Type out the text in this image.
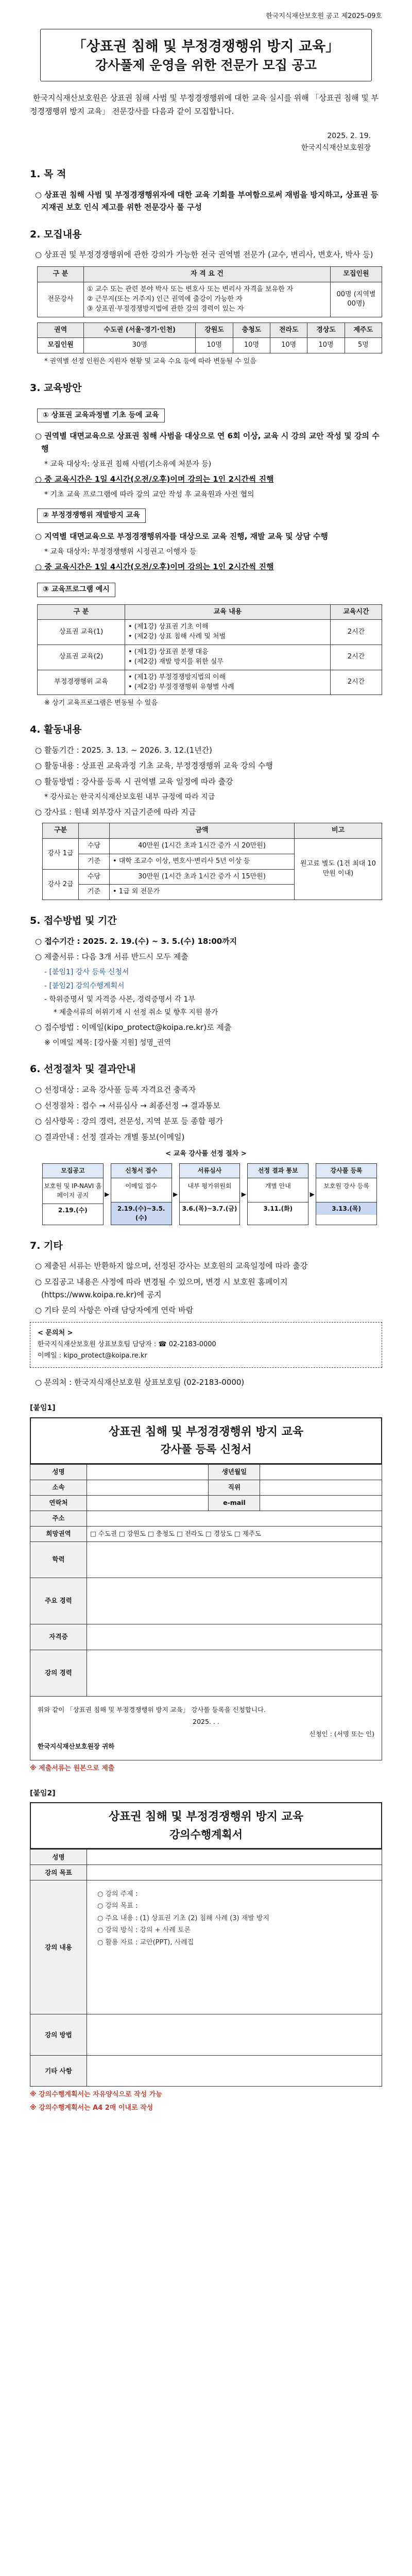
한국지식재산보호원 공고 제2025-09호
「상표권 침해 및 부정경쟁행위 방지 교육」
강사풀제 운영을 위한 전문가 모집 공고

한국지식재산보호원은 상표권 침해 사범 및 부정경쟁행위에 대한 교육 실시를 위해 「상표권 침해 및 부정경쟁행위 방지 교육」 전문강사를 다음과 같이 모집합니다.

2025. 2. 19.
한국지식재산보호원장
1. 목 적

○ 상표권 침해 사범 및 부정경쟁행위자에 대한 교육 기회를 부여함으로써 재범을 방지하고, 상표권 등 지재권 보호 인식 제고를 위한 전문강사 풀 구성

2. 모집내용

○ 상표권 및 부정경쟁행위에 관한 강의가 가능한 전국 권역별 전문가 (교수, 변리사, 변호사, 박사 등)

구 분	자 격 요 건	모집인원
전문강사	① 교수 또는 관련 분야 박사 또는 변호사 또는 변리사 자격을 보유한 자
② 근무지(또는 거주지) 인근 권역에 출강이 가능한 자
③ 상표권·부정경쟁방지법에 관한 강의 경력이 있는 자	00명 (지역별 00명)
권역	수도권 (서울·경기·인천)	강원도	충청도	전라도	경상도	제주도
모집인원	30명	10명	10명	10명	10명	5명

* 권역별 선정 인원은 지원자 현황 및 교육 수요 등에 따라 변동될 수 있음

3. 교육방안
① 상표권 교육과정별 기초 등에 교육

○ 권역별 대면교육으로 상표권 침해 사범을 대상으로 연 6회 이상, 교육 시 강의 교안 작성 및 강의 수행

* 교육 대상자: 상표권 침해 사범(기소유예 처분자 등)

○ 중 교육시간은 1일 4시간(오전/오후)이며 강의는 1인 2시간씩 진행

* 기초 교육 프로그램에 따라 강의 교안 작성 후 교육원과 사전 협의

② 부정경쟁행위 재발방지 교육

○ 지역별 대면교육으로 부정경쟁행위자를 대상으로 교육 진행, 재발 교육 및 상담 수행

* 교육 대상자: 부정경쟁행위 시정권고 이행자 등

○ 중 교육시간은 1일 4시간(오전/오후)이며 강의는 1인 2시간씩 진행

③ 교육프로그램 예시
구 분	교육 내용	교육시간
상표권 교육(1)	• (제1강) 상표권 기초 이해
• (제2강) 상표 침해 사례 및 처벌	2시간
상표권 교육(2)	• (제1강) 상표권 분쟁 대응
• (제2강) 재발 방지를 위한 실무	2시간
부정경쟁행위 교육	• (제1강) 부정경쟁방지법의 이해
• (제2강) 부정경쟁행위 유형별 사례	2시간

※ 상기 교육프로그램은 변동될 수 있음

4. 활동내용

○ 활동기간 : 2025. 3. 13. ~ 2026. 3. 12.(1년간)

○ 활동내용 : 상표권 교육과정 기초 교육, 부정경쟁행위 교육 강의 수행

○ 활동방법 : 강사풀 등록 시 권역별 교육 일정에 따라 출강

* 강사료는 한국지식재산보호원 내부 규정에 따라 지급

○ 강사료 : 원내 외부강사 지급기준에 따라 지급

구분		금액	비고
강사 1급	수당	40만원 (1시간 초과 1시간 증가 시 20만원)	원고료 별도 (1건 최대 10만원 이내)
	기준	• 대학 조교수 이상, 변호사·변리사 5년 이상 등	
강사 2급	수당	30만원 (1시간 초과 1시간 증가 시 15만원)	
	기준	• 1급 외 전문가	
5. 접수방법 및 기간

○ 접수기간 : 2025. 2. 19.(수) ~ 3. 5.(수) 18:00까지

○ 제출서류 : 다음 3개 서류 반드시 모두 제출

- [붙임1] 강사 등록 신청서

- [붙임2] 강의수행계획서

- 학위증명서 및 자격증 사본, 경력증명서 각 1부

* 제출서류의 허위기재 시 선정 취소 및 향후 지원 불가

○ 접수방법 : 이메일(kipo_protect@koipa.re.kr)로 제출

※ 이메일 제목: [강사풀 지원] 성명_권역

6. 선정절차 및 결과안내

○ 선정대상 : 교육 강사풀 등록 자격요건 충족자

○ 선정절차 : 접수 → 서류심사 → 최종선정 → 결과통보

○ 심사항목 : 강의 경력, 전문성, 지역 분포 등 종합 평가

○ 결과안내 : 선정 결과는 개별 통보(이메일)

< 교육 강사풀 선정 절차 >
모집공고
보호원 및 IP-NAVI 홈페이지 공지
2.19.(수)
▶
신청서 접수
이메일 접수
2.19.(수)~3.5.(수)
▶
서류심사
내부 평가위원회
3.6.(목)~3.7.(금)
▶
선정 결과 통보
개별 안내
3.11.(화)
▶
강사풀 등록
보호원 강사 등록
3.13.(목)
7. 기타

○ 제출된 서류는 반환하지 않으며, 선정된 강사는 보호원의 교육일정에 따라 출강

○ 모집공고 내용은 사정에 따라 변경될 수 있으며, 변경 시 보호원 홈페이지(https://www.koipa.re.kr)에 공지

○ 기타 문의 사항은 아래 담당자에게 연락 바람

< 문의처 >
한국지식재산보호원 상표보호팀 담당자 : ☎ 02-2183-0000
이메일 : kipo_protect@koipa.re.kr

○ 문의처 : 한국지식재산보호원 상표보호팀 (02-2183-0000)

[붙임1]
상표권 침해 및 부정경쟁행위 방지 교육
강사풀 등록 신청서
성명		생년월일	
소속		직위	
연락처		e-mail	
주소			
희망권역	□ 수도권 □ 강원도 □ 충청도 □ 전라도 □ 경상도 □ 제주도		
학력			
주요 경력			
자격증			
강의 경력			

위와 같이 「상표권 침해 및 부정경쟁행위 방지 교육」 강사풀 등록을 신청합니다.
2025. . .
신청인 : (서명 또는 인)
한국지식재산보호원장 귀하			
※ 제출서류는 원본으로 제출
[붙임2]
상표권 침해 및 부정경쟁행위 방지 교육
강의수행계획서
성명	
강의 목표	
강의 내용	○ 강의 주제 :
○ 강의 목표 :
○ 주요 내용 : (1) 상표권 기초 (2) 침해 사례 (3) 재발 방지
○ 강의 방식 : 강의 + 사례 토론
○ 활용 자료 : 교안(PPT), 사례집

강의 방법	
기타 사항	
※ 강의수행계획서는 자유양식으로 작성 가능
※ 강의수행계획서는 A4 2매 이내로 작성
